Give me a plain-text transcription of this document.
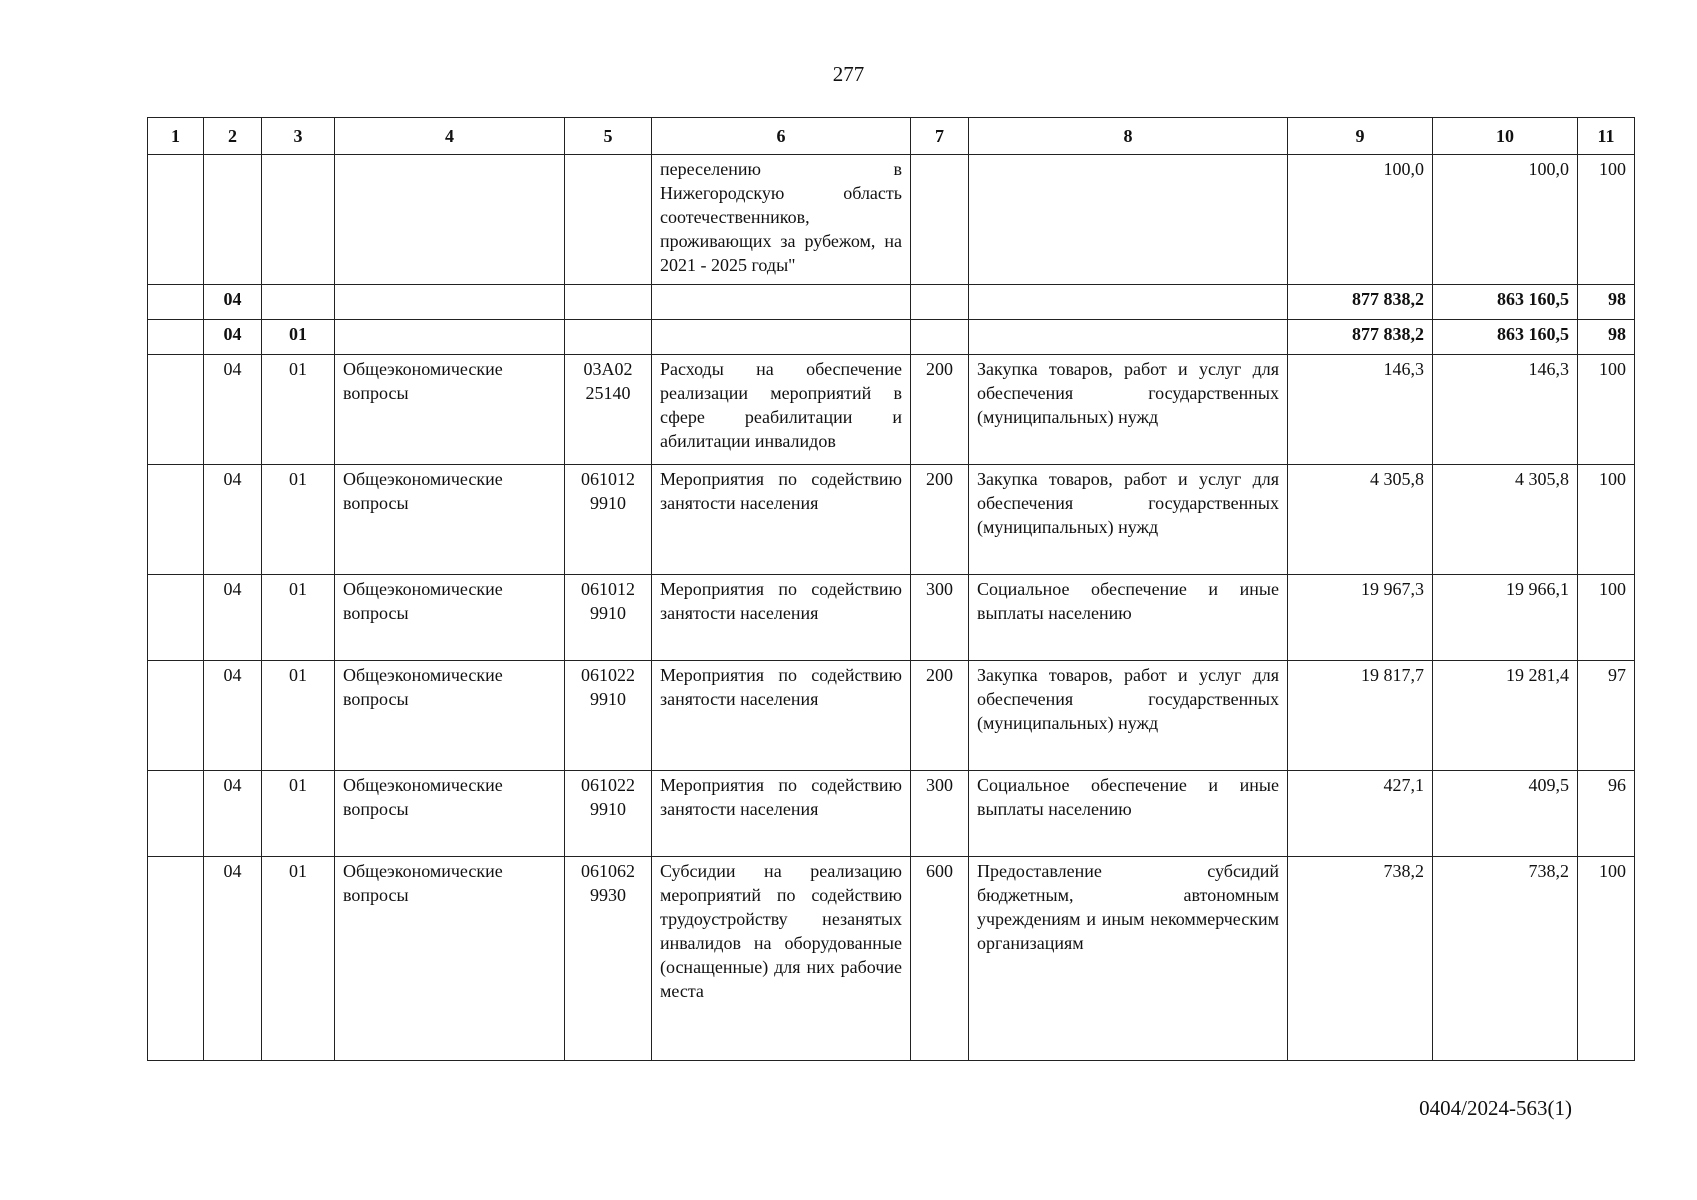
277
1	2	3	4	5	6	7	8	9	10	11
					переселению в Нижегородскую область соотечественников, проживающих за рубежом, на 2021 - 2025 годы"			100,0	100,0	100
	04							877 838,2	863 160,5	98
	04	01						877 838,2	863 160,5	98
	04	01	Общеэкономические вопросы	03А02 25140	Расходы на обеспечение реализации мероприятий в сфере реабилитации и абилитации инвалидов	200	Закупка товаров, работ и услуг для обеспечения государственных (муниципальных) нужд	146,3	146,3	100
	04	01	Общеэкономические вопросы	061012 9910	Мероприятия по содействию занятости населения	200	Закупка товаров, работ и услуг для обеспечения государственных (муниципальных) нужд	4 305,8	4 305,8	100
	04	01	Общеэкономические вопросы	061012 9910	Мероприятия по содействию занятости населения	300	Социальное обеспечение и иные выплаты населению	19 967,3	19 966,1	100
	04	01	Общеэкономические вопросы	061022 9910	Мероприятия по содействию занятости населения	200	Закупка товаров, работ и услуг для обеспечения государственных (муниципальных) нужд	19 817,7	19 281,4	97
	04	01	Общеэкономические вопросы	061022 9910	Мероприятия по содействию занятости населения	300	Социальное обеспечение и иные выплаты населению	427,1	409,5	96
	04	01	Общеэкономические вопросы	061062 9930	Субсидии на реализацию мероприятий по содействию трудоустройству незанятых инвалидов на оборудованные (оснащенные) для них рабочие места	600	Предоставление субсидий бюджетным, автономным учреждениям и иным некоммерческим организациям	738,2	738,2	100
0404/2024-563(1)
